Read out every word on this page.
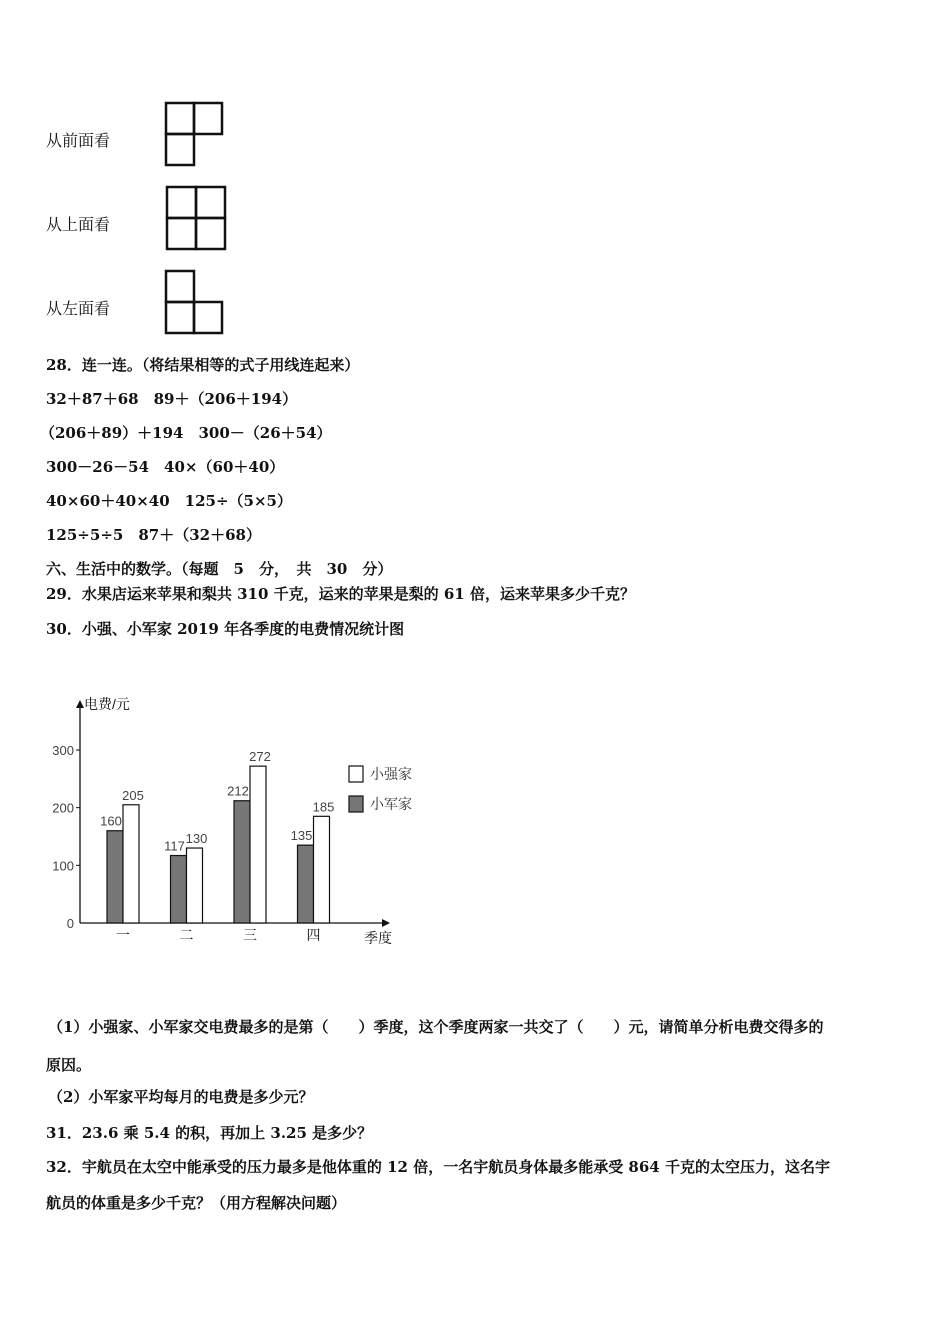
从前面看
从上面看
从左面看
28．连一连。（将结果相等的式子用线连起来）
32＋87＋68　89＋（206＋194）
（206＋89）＋194　300－（26＋54）
300－26－54　40×（60＋40）
40×60＋40×40　125÷（5×5）
125÷5÷5　87＋（32＋68）
六、生活中的数学。（每题　5　分，　共　30　分）
29．水果店运来苹果和梨共 310 千克，运来的苹果是梨的 61 倍，运来苹果多少千克？
30．小强、小军家 2019 年各季度的电费情况统计图
电费/元
季度
0
100
200
300
160
205
一
117 130
二
212
272
三
135
185
四
小强家
小军家
（1）小强家、小军家交电费最多的是第（　　）季度，这个季度两家一共交了（　　）元，请简单分析电费交得多的
原因。
（2）小军家平均每月的电费是多少元？
31．23.6 乘 5.4 的积，再加上 3.25 是多少？
32．宇航员在太空中能承受的压力最多是他体重的 12 倍，一名宇航员身体最多能承受 864 千克的太空压力，这名宇
航员的体重是多少千克？（用方程解决问题）
